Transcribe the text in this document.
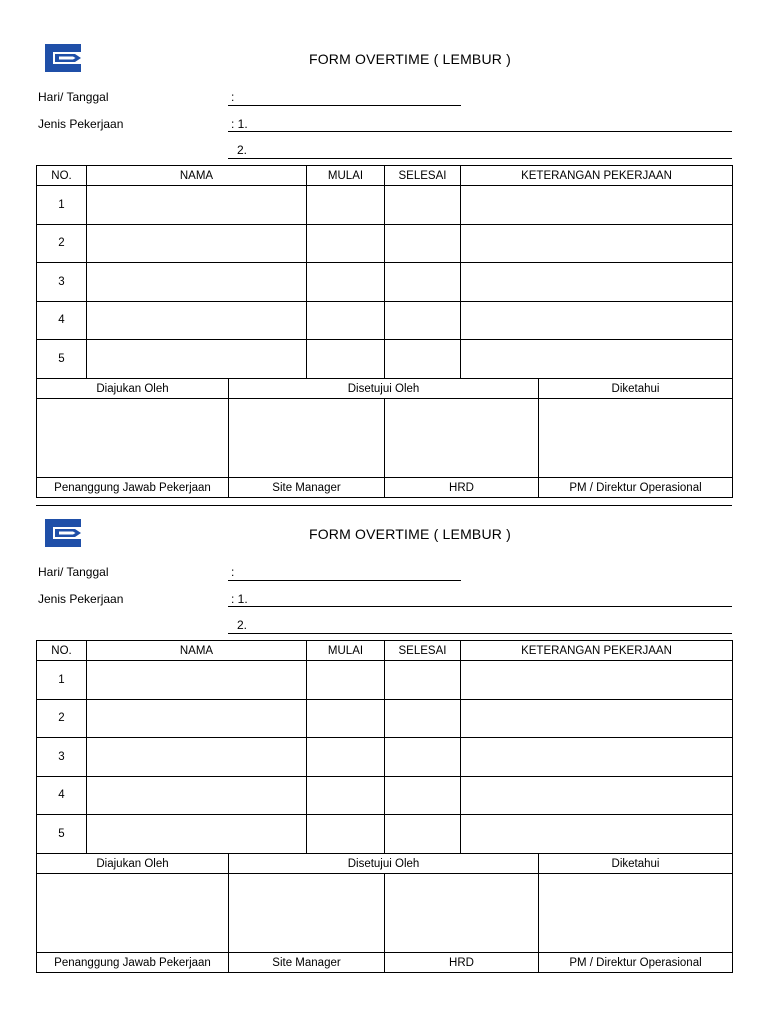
FORM OVERTIME ( LEMBUR )
Hari/ Tanggal	:
Jenis Pekerjaan	: 1.
2.
NO.	NAMA	MULAI	SELESAI	KETERANGAN PEKERJAAN
1				
2				
3				
4				
5				
Diajukan Oleh	Disetujui Oleh		Diketahui

Penanggung Jawab Pekerjaan	Site Manager	HRD	PM / Direktur Operasional
FORM OVERTIME ( LEMBUR )
Hari/ Tanggal	:
Jenis Pekerjaan	: 1.
2.
NO.	NAMA	MULAI	SELESAI	KETERANGAN PEKERJAAN
1				
2				
3				
4				
5				
Diajukan Oleh	Disetujui Oleh		Diketahui

Penanggung Jawab Pekerjaan	Site Manager	HRD	PM / Direktur Operasional
